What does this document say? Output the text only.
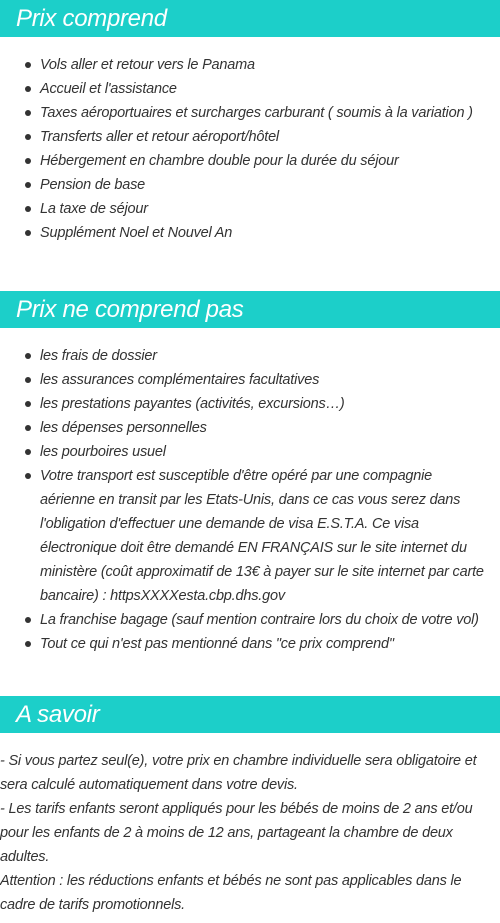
Prix comprend
Vols aller et retour vers le Panama
Accueil et l'assistance
Taxes aéroportuaires et surcharges carburant ( soumis à la variation )
Transferts aller et retour aéroport/hôtel
Hébergement en chambre double pour la durée du séjour
Pension de base
La taxe de séjour
Supplément Noel et Nouvel An
Prix ne comprend pas
les frais de dossier
les assurances complémentaires facultatives
les prestations payantes (activités, excursions…)
les dépenses personnelles
les pourboires usuel
Votre transport est susceptible d'être opéré par une compagnie aérienne en transit par les Etats-Unis, dans ce cas vous serez dans l'obligation d'effectuer une demande de visa E.S.T.A. Ce visa électronique doit être demandé EN FRANÇAIS sur le site internet du ministère (coût approximatif de 13€ à payer sur le site internet par carte bancaire) : httpsXXXXesta.cbp.dhs.gov
La franchise bagage (sauf mention contraire lors du choix de votre vol)
Tout ce qui n'est pas mentionné dans "ce prix comprend"
A savoir

- Si vous partez seul(e), votre prix en chambre individuelle sera obligatoire et sera calculé automatiquement dans votre devis.

- Les tarifs enfants seront appliqués pour les bébés de moins de 2 ans et/ou pour les enfants de 2 à moins de 12 ans, partageant la chambre de deux adultes.

Attention : les réductions enfants et bébés ne sont pas applicables dans le cadre de tarifs promotionnels.
